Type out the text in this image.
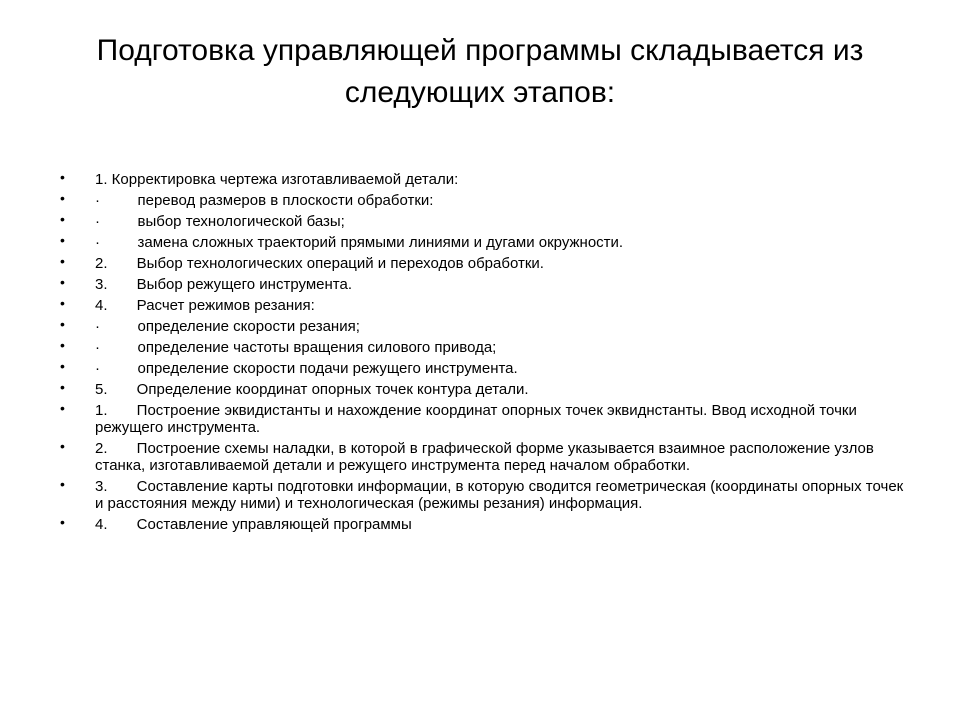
Подготовка управляющей программы складывается из следующих этапов:
• 1. Корректировка чертежа изготавливаемой детали:
• ·         перевод размеров в плоскости обработки:
• ·         выбор технологической базы;
• ·         замена сложных траекторий прямыми линиями и дугами окружности.
• 2.       Выбор технологических операций и переходов обработки.
• 3.       Выбор режущего инструмента.
• 4.       Расчет режимов резания:
• ·         определение скорости резания;
• ·         определение частоты вращения силового привода;
• ·         определение скорости подачи режущего инструмента.
• 5.       Определение координат опорных точек контура детали.
• 1.       Построение эквидистанты и нахождение координат опорных точек эквиднстанты. Ввод исходной точки режущего инструмента.
• 2.       Построение схемы наладки, в которой в графической форме указывается взаимное расположение узлов станка, изготавливаемой детали и режущего инструмента перед началом обработки.
• 3.       Составление карты подготовки информации, в которую сводится геометрическая (координаты опорных точек и расстояния между ними) и технологическая (режимы резания) информация.
• 4.       Составление управляющей программы
